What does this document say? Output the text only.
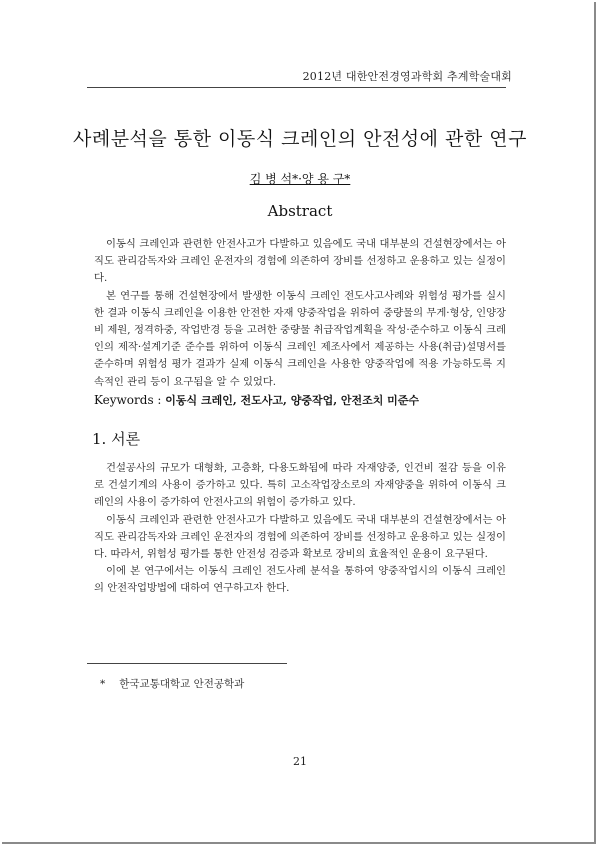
2012년 대한안전경영과학회 추계학술대회
사례분석을 통한 이동식 크레인의 안전성에 관한 연구
김 병 석*·양 용 구*
Abstract

이동식 크레인과 관련한 안전사고가 다발하고 있음에도 국내 대부분의 건설현장에서는 아직도 관리감독자와 크레인 운전자의 경험에 의존하여 장비를 선정하고 운용하고 있는 실정이다.

본 연구를 통해 건설현장에서 발생한 이동식 크레인 전도사고사례와 위험성 평가를 실시한 결과 이동식 크레인을 이용한 안전한 자재 양중작업을 위하여 중량물의 무게·형상, 인양장비 제원, 정격하중, 작업반경 등을 고려한 중량물 취급작업계획을 작성·준수하고 이동식 크레인의 제작·설계기준 준수를 위하여 이동식 크레인 제조사에서 제공하는 사용(취급)설명서를 준수하며 위험성 평가 결과가 실제 이동식 크레인을 사용한 양중작업에 적용 가능하도록 지속적인 관리 등이 요구됨을 알 수 있었다.

Keywords : 이동식 크레인, 전도사고, 양중작업, 안전조치 미준수
1. 서론

건설공사의 규모가 대형화, 고층화, 다용도화됨에 따라 자재양중, 인건비 절감 등을 이유로 건설기계의 사용이 증가하고 있다. 특히 고소작업장소로의 자재양중을 위하여 이동식 크레인의 사용이 증가하여 안전사고의 위험이 증가하고 있다.

이동식 크레인과 관련한 안전사고가 다발하고 있음에도 국내 대부분의 건설현장에서는 아직도 관리감독자와 크레인 운전자의 경험에 의존하여 장비를 선정하고 운용하고 있는 실정이다. 따라서, 위험성 평가를 통한 안전성 검증과 확보로 장비의 효율적인 운용이 요구된다.

이에 본 연구에서는 이동식 크레인 전도사례 분석을 통하여 양중작업시의 이동식 크레인의 안전작업방법에 대하여 연구하고자 한다.

* 한국교통대학교 안전공학과
21
